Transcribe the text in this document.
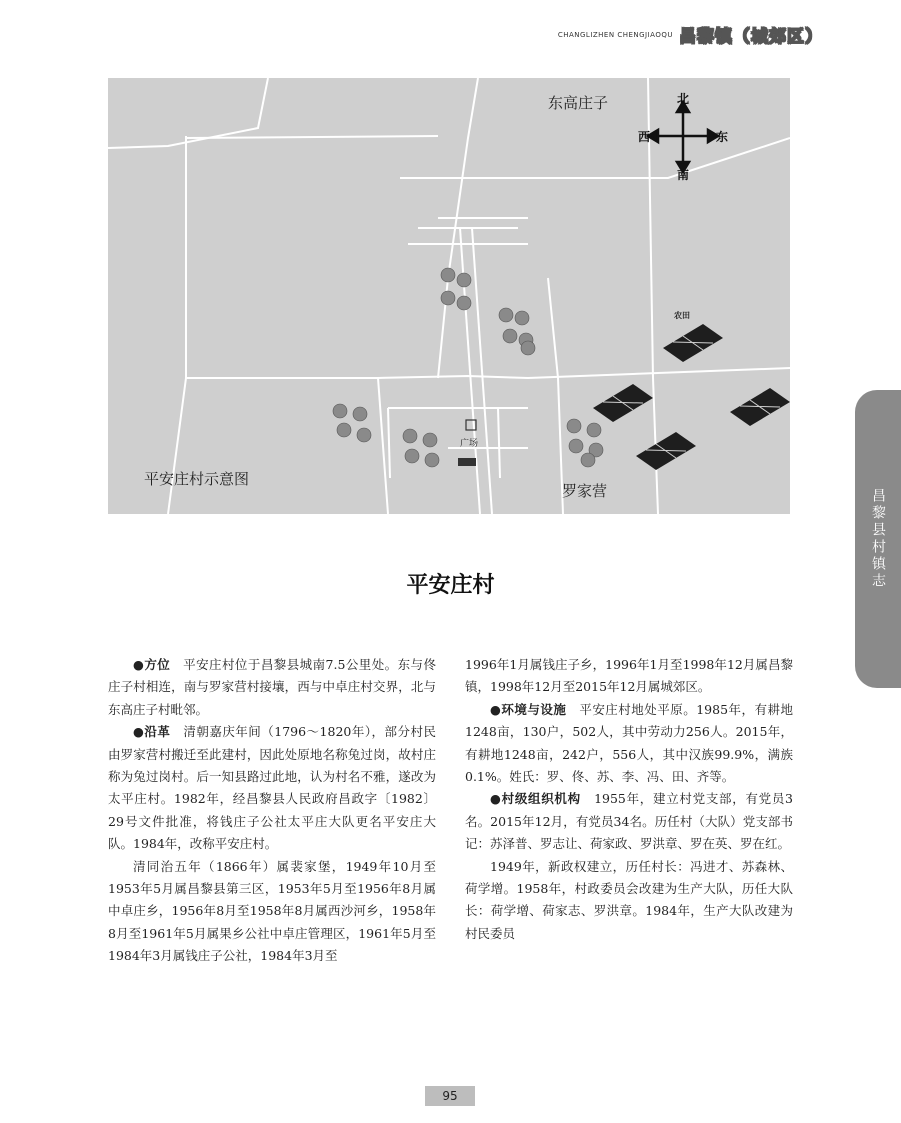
CHANGLIZHEN CHENGJIAOQU 昌黎镇（城郊区）
东高庄子
罗家营
广场
农田
平安庄村示意图
北
南
西	东
昌黎县村镇志
平安庄村

●方位　平安庄村位于昌黎县城南7.5公里处。东与佟庄子村相连，南与罗家营村接壤，西与中卓庄村交界，北与东高庄子村毗邻。

●沿革　清朝嘉庆年间（1796～1820年），部分村民由罗家营村搬迁至此建村，因此处原地名称兔过岗，故村庄称为兔过岗村。后一知县路过此地，认为村名不雅，遂改为太平庄村。1982年，经昌黎县人民政府昌政字〔1982〕29号文件批准，将钱庄子公社太平庄大队更名平安庄大队。1984年，改称平安庄村。

清同治五年（1866年）属裴家堡，1949年10月至1953年5月属昌黎县第三区，1953年5月至1956年8月属中卓庄乡，1956年8月至1958年8月属西沙河乡，1958年8月至1961年5月属果乡公社中卓庄管理区，1961年5月至1984年3月属钱庄子公社，1984年3月至

1996年1月属钱庄子乡，1996年1月至1998年12月属昌黎镇，1998年12月至2015年12月属城郊区。

●环境与设施　平安庄村地处平原。1985年，有耕地1248亩，130户，502人，其中劳动力256人。2015年，有耕地1248亩，242户，556人，其中汉族99.9%，满族0.1%。姓氏：罗、佟、苏、李、冯、田、齐等。

●村级组织机构　1955年，建立村党支部，有党员3名。2015年12月，有党员34名。历任村（大队）党支部书记：苏泽普、罗志让、荷家政、罗洪章、罗在英、罗在红。

1949年，新政权建立，历任村长：冯进才、苏森林、荷学增。1958年，村政委员会改建为生产大队，历任大队长：荷学增、荷家志、罗洪章。1984年，生产大队改建为村民委员

95
